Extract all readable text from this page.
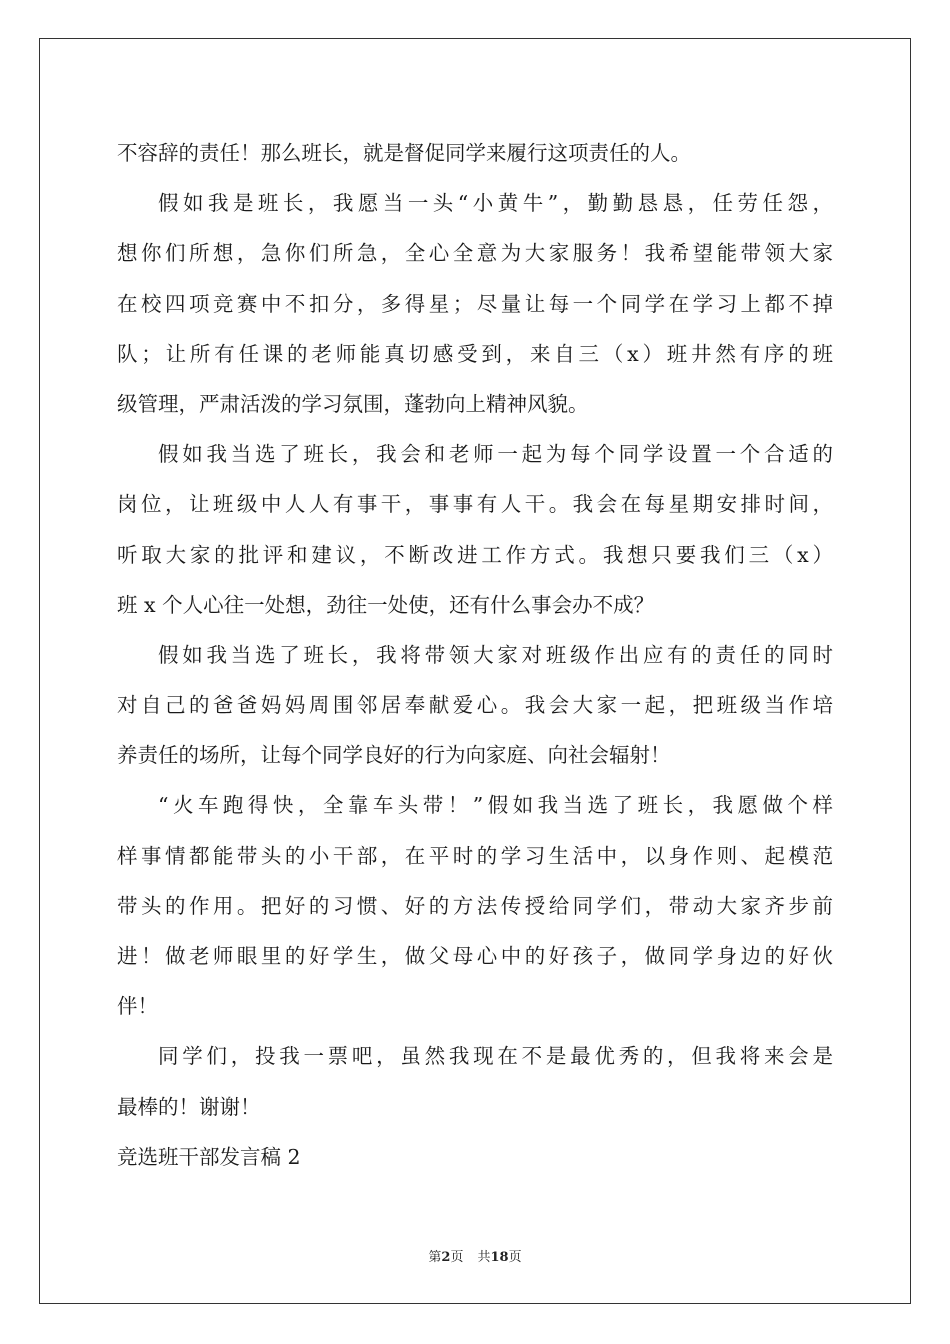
不容辞的责任！那么班长，就是督促同学来履行这项责任的人。
假如我是班长，我愿当一头“小黄牛”，勤勤恳恳，任劳任怨，
想你们所想，急你们所急，全心全意为大家服务！我希望能带领大家
在校四项竞赛中不扣分，多得星；尽量让每一个同学在学习上都不掉
队；让所有任课的老师能真切感受到，来自三（x）班井然有序的班
级管理，严肃活泼的学习氛围，蓬勃向上精神风貌。
假如我当选了班长，我会和老师一起为每个同学设置一个合适的
岗位，让班级中人人有事干，事事有人干。我会在每星期安排时间，
听取大家的批评和建议，不断改进工作方式。我想只要我们三（x）
班 x 个人心往一处想，劲往一处使，还有什么事会办不成？
假如我当选了班长，我将带领大家对班级作出应有的责任的同时
对自己的爸爸妈妈周围邻居奉献爱心。我会大家一起，把班级当作培
养责任的场所，让每个同学良好的行为向家庭、向社会辐射！
“火车跑得快，全靠车头带！”假如我当选了班长，我愿做个样
样事情都能带头的小干部，在平时的学习生活中，以身作则、起模范
带头的作用。把好的习惯、好的方法传授给同学们，带动大家齐步前
进！做老师眼里的好学生，做父母心中的好孩子，做同学身边的好伙
伴！
同学们，投我一票吧，虽然我现在不是最优秀的，但我将来会是
最棒的！谢谢！
竞选班干部发言稿 2
第2页 共18页
